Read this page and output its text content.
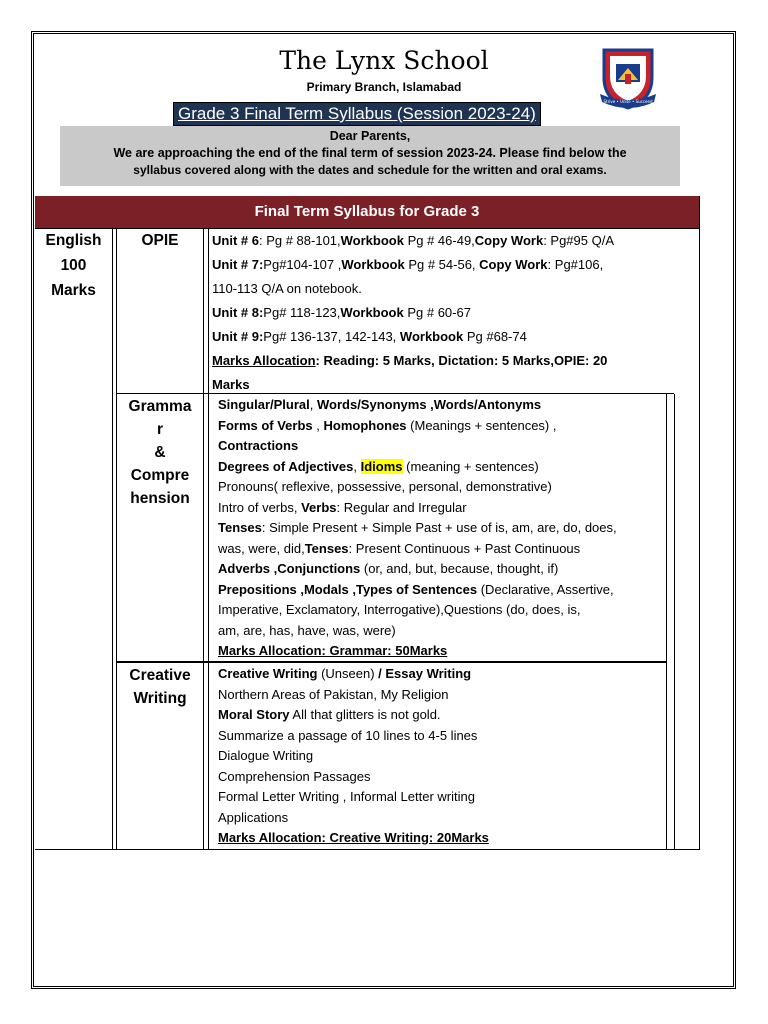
The Lynx School
Primary Branch, Islamabad
Grade 3 Final Term Syllabus (Session 2023-24)
Strive • Unite • Succeed
Dear Parents,
We are approaching the end of the final term of session 2023-24. Please find below the
syllabus covered along with the dates and schedule for the written and oral exams.
Final Term Syllabus for Grade 3
English
100
Marks
OPIE
Gramma
r
&
Compre
hension
Creative
Writing
Unit # 6: Pg # 88-101,Workbook Pg # 46-49,Copy Work: Pg#95 Q/A
Unit # 7:Pg#104-107 ,Workbook Pg # 54-56, Copy Work: Pg#106,
110-113 Q/A on notebook.
Unit # 8:Pg# 118-123,Workbook Pg # 60-67
Unit # 9:Pg# 136-137, 142-143, Workbook Pg #68-74
Marks Allocation: Reading: 5 Marks, Dictation: 5 Marks,OPIE: 20
Marks
Singular/Plural, Words/Synonyms ,Words/Antonyms
Forms of Verbs , Homophones (Meanings + sentences) ,
Contractions
Degrees of Adjectives, Idioms (meaning + sentences)
Pronouns( reflexive, possessive, personal, demonstrative)
Intro of verbs, Verbs: Regular and Irregular
Tenses: Simple Present + Simple Past + use of is, am, are, do, does,
was, were, did,Tenses: Present Continuous + Past Continuous
Adverbs ,Conjunctions (or, and, but, because, thought, if)
Prepositions ,Modals ,Types of Sentences (Declarative, Assertive,
Imperative, Exclamatory, Interrogative),Questions (do, does, is,
am, are, has, have, was, were)
Marks Allocation: Grammar: 50Marks
Creative Writing (Unseen) / Essay Writing
Northern Areas of Pakistan, My Religion
Moral Story All that glitters is not gold.
Summarize a passage of 10 lines to 4-5 lines
Dialogue Writing
Comprehension Passages
Formal Letter Writing , Informal Letter writing
Applications
Marks Allocation: Creative Writing: 20Marks
